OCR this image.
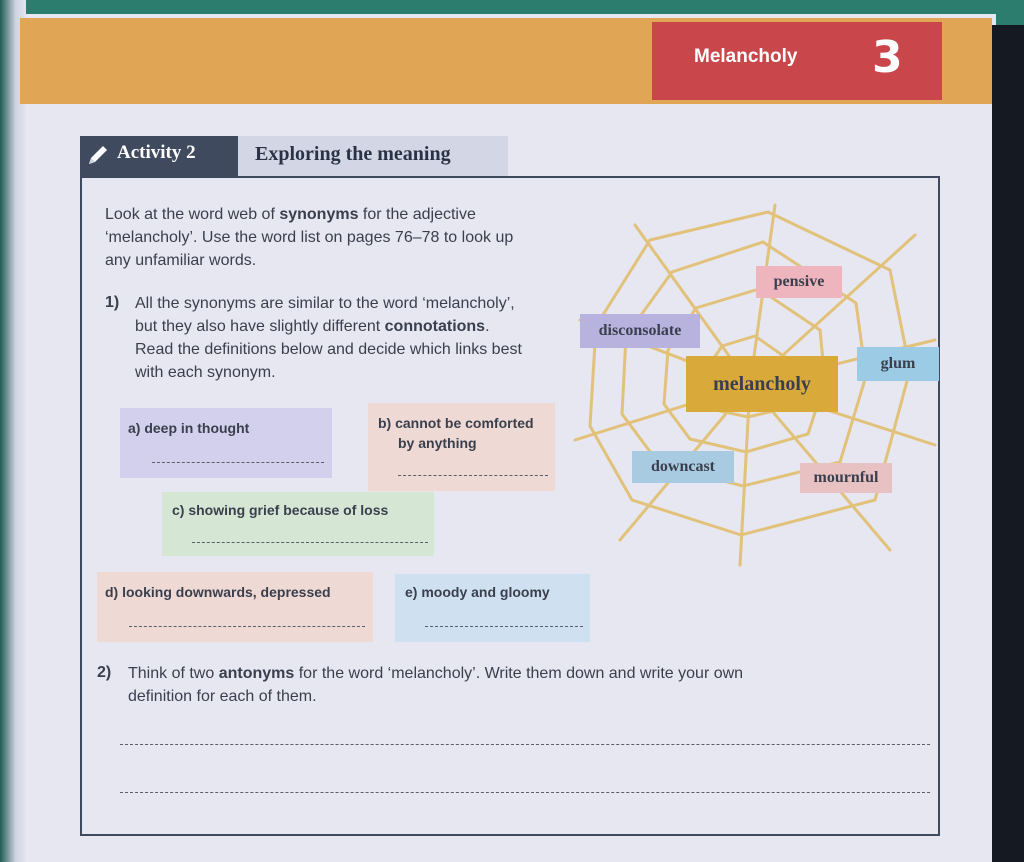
Melancholy 3
Activity 2	Exploring the meaning
Look at the word web of synonyms for the adjective
‘melancholy’. Use the word list on pages 76–78 to look up
any unfamiliar words.
1) All the synonyms are similar to the word ‘melancholy’,
but they also have slightly different connotations.
Read the definitions below and decide which links best
with each synonym.
a) deep in thought	b) cannot be comforted
by anything
c) showing grief because of loss
d) looking downwards, depressed	e) moody and gloomy
pensive
disconsolate
glum
melancholy
downcast
mournful
2) Think of two antonyms for the word ‘melancholy’. Write them down and write your own
definition for each of them.
